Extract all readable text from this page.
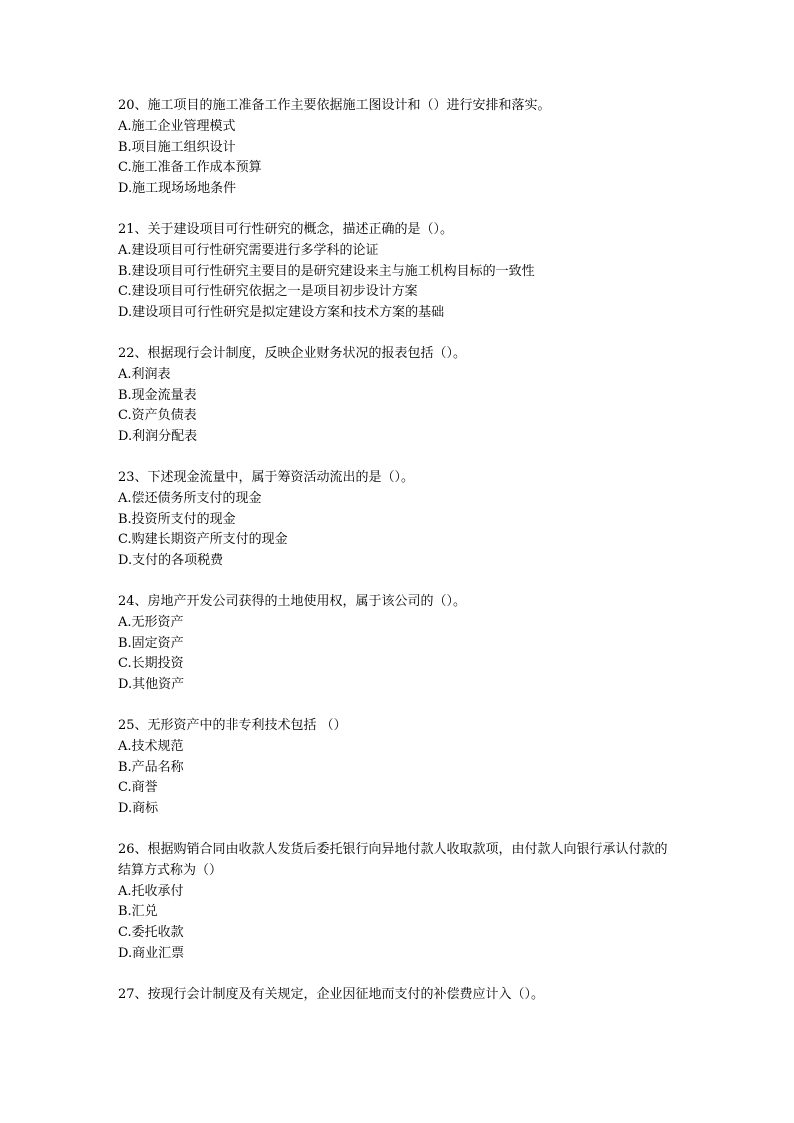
20、施工项目的施工准备工作主要依据施工图设计和（）进行安排和落实。
A.施工企业管理模式
B.项目施工组织设计
C.施工准备工作成本预算
D.施工现场场地条件
21、关于建设项目可行性研究的概念，描述正确的是（）。
A.建设项目可行性研究需要进行多学科的论证
B.建设项目可行性研究主要目的是研究建设来主与施工机构目标的一致性
C.建设项目可行性研究依据之一是项目初步设计方案
D.建设项目可行性研究是拟定建设方案和技术方案的基础
22、根据现行会计制度，反映企业财务状况的报表包括（）。
A.利润表
B.现金流量表
C.资产负债表
D.利润分配表
23、下述现金流量中，属于筹资活动流出的是（）。
A.偿还债务所支付的现金
B.投资所支付的现金
C.购建长期资产所支付的现金
D.支付的各项税费
24、房地产开发公司获得的土地使用权，属于该公司的（）。
A.无形资产
B.固定资产
C.长期投资
D.其他资产
25、无形资产中的非专利技术包括 （）
A.技术规范
B.产品名称
C.商誉
D.商标
26、根据购销合同由收款人发货后委托银行向异地付款人收取款项，由付款人向银行承认付款的结算方式称为（）
A.托收承付
B.汇兑
C.委托收款
D.商业汇票
27、按现行会计制度及有关规定，企业因征地而支付的补偿费应计入（）。
